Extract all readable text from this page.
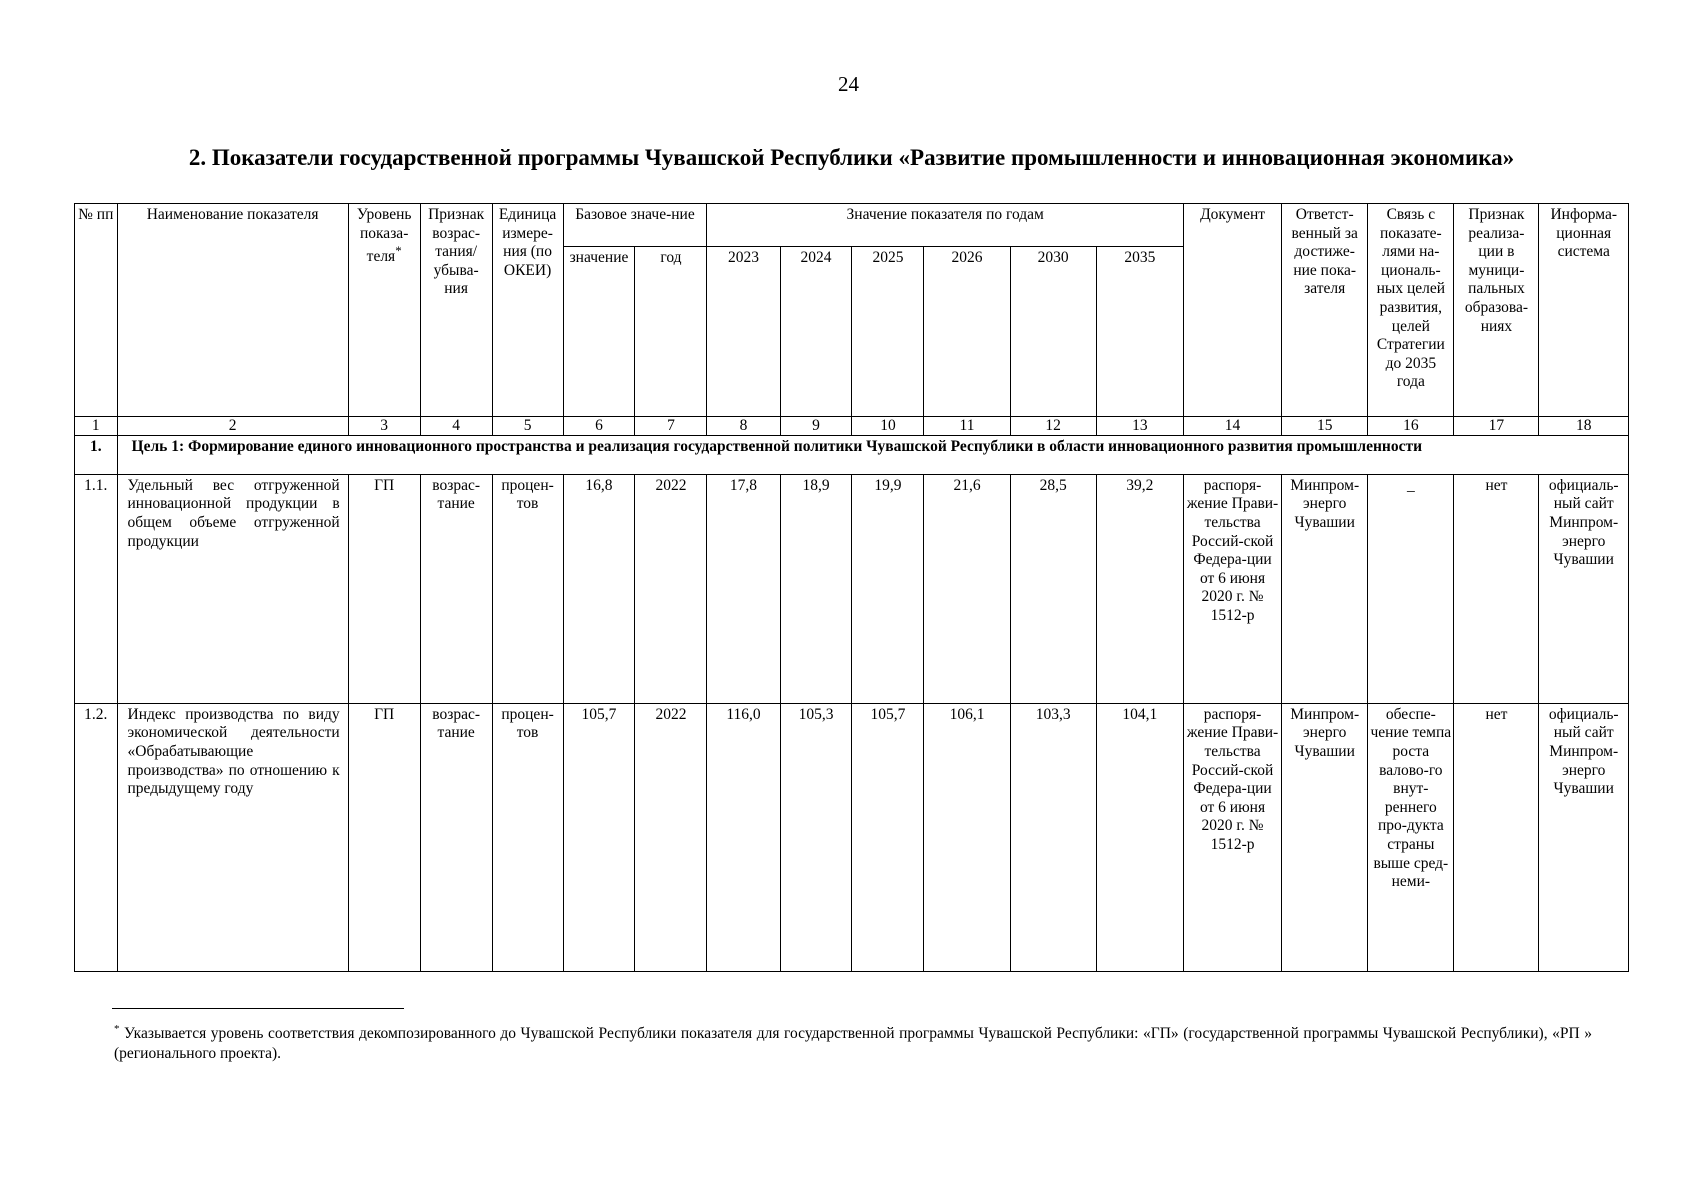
24
2. Показатели государственной программы Чувашской Республики «Развитие промышленности и инновационная экономика»
№ пп	Наименование показателя	Уровень показа-теля*	Признак возрас-тания/ убыва-ния	Единица измере-ния (по ОКЕИ)	Базовое значе-ние		Значение показателя по годам						Документ	Ответст-венный за достиже-ние пока-зателя	Связь с показате-лями на-циональ-ных целей развития, целей Стратегии до 2035 года	Признак реализа-ции в муници-пальных образова-ниях	Информа-ционная система
					значение	год	2023	2024	2025	2026	2030	2035					
1	2	3	4	5	6	7	8	9	10	11	12	13	14	15	16	17	18
1.	Цель 1: Формирование единого инновационного пространства и реализация государственной политики Чувашской Республики в области инновационного развития промышленности																
1.1.	Удельный вес отгруженной инновационной продукции в общем объеме отгруженной продукции	ГП	возрас-тание	процен-тов	16,8	2022	17,8	18,9	19,9	21,6	28,5	39,2	распоря-жение Прави-тельства Россий-ской Федера-ции от 6 июня 2020 г. № 1512-р	Минпром-энерго Чувашии	_	нет	официаль-ный сайт Минпром-энерго Чувашии
1.2.	Индекс производства по виду экономической деятельности «Обрабатывающие производства» по отношению к предыдущему году	ГП	возрас-тание	процен-тов	105,7	2022	116,0	105,3	105,7	106,1	103,3	104,1	распоря-жение Прави-тельства Россий-ской Федера-ции от 6 июня 2020 г. № 1512-р	Минпром-энерго Чувашии	обеспе-чение темпа роста валово-го внут-реннего про-дукта страны выше сред-неми-	нет	официаль-ный сайт Минпром-энерго Чувашии
* Указывается уровень соответствия декомпозированного до Чувашской Республики показателя для государственной программы Чувашской Республики: «ГП» (государственной программы Чувашской Республики), «РП » (регионального проекта).
